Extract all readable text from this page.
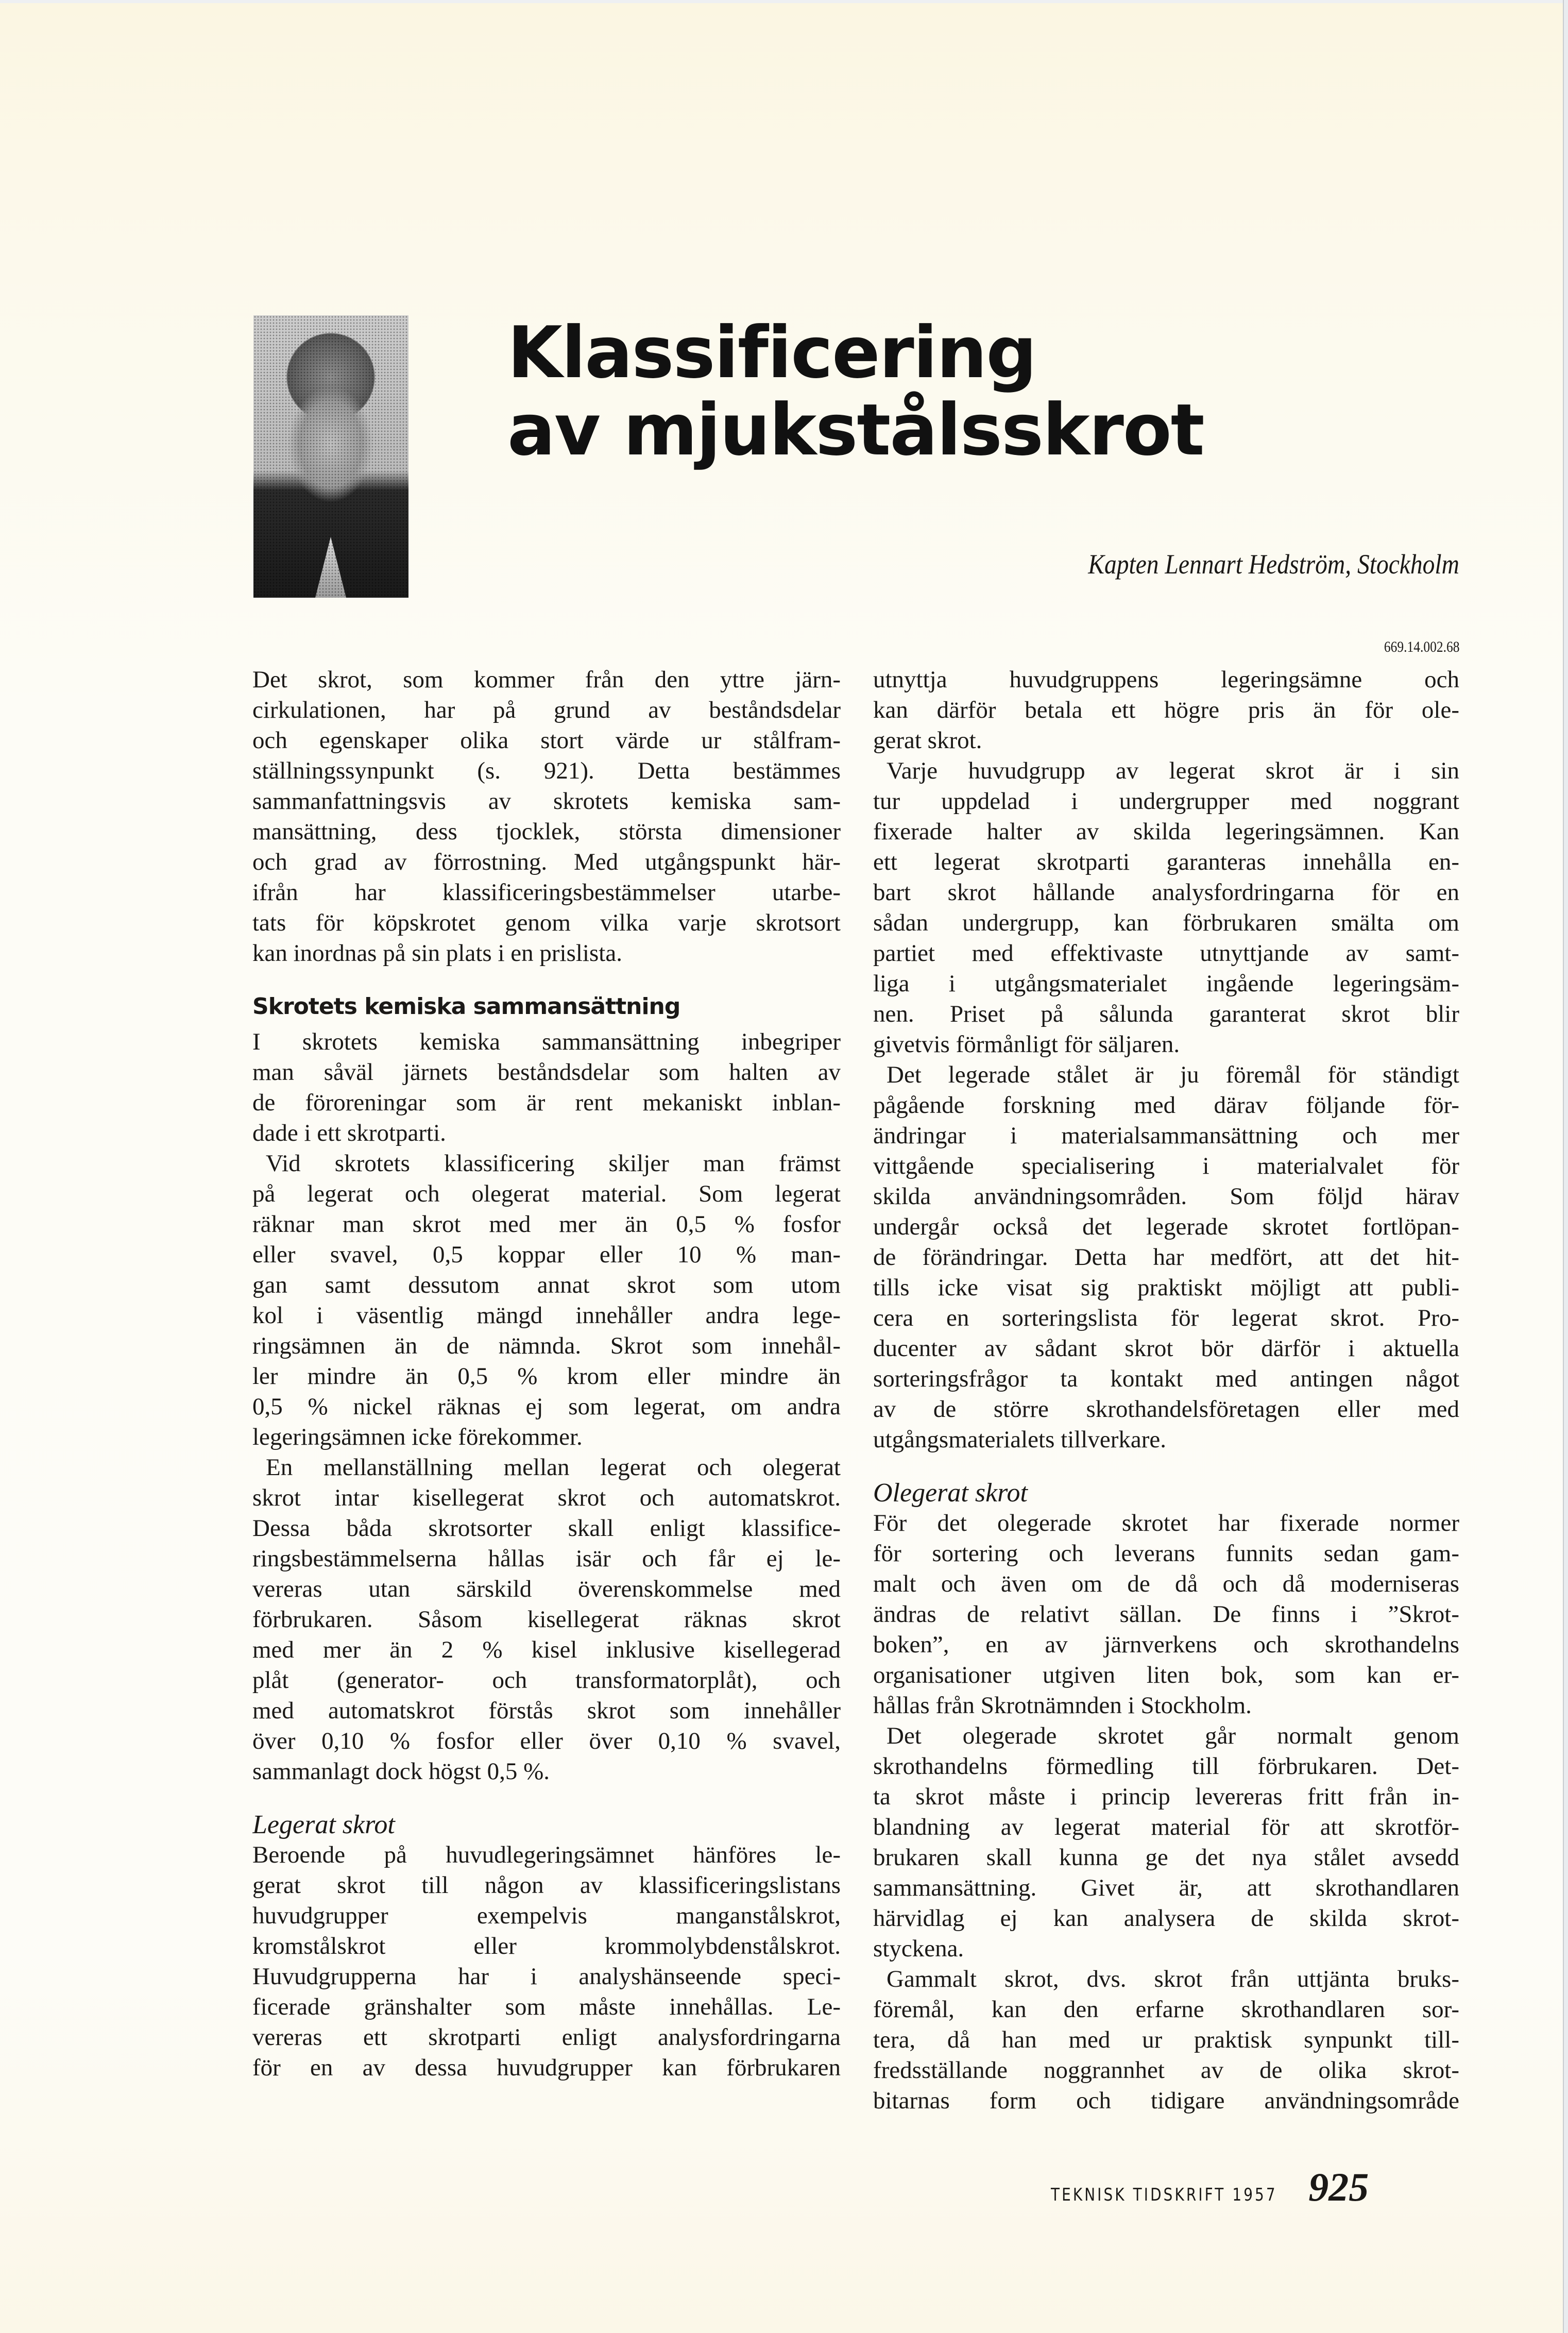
Klassificering
av mjukstålsskrot
Kapten Lennart Hedström, Stockholm
669.14.002.68
Det skrot, som kommer från den yttre järn-
cirkulationen, har på grund av beståndsdelar
och egenskaper olika stort värde ur stålfram-
ställningssynpunkt (s. 921). Detta bestämmes
sammanfattningsvis av skrotets kemiska sam-
mansättning, dess tjocklek, största dimensioner
och grad av förrostning. Med utgångspunkt här-
ifrån har klassificeringsbestämmelser utarbe-
tats för köpskrotet genom vilka varje skrotsort
kan inordnas på sin plats i en prislista.
Skrotets kemiska sammansättning
I skrotets kemiska sammansättning inbegriper
man såväl järnets beståndsdelar som halten av
de föroreningar som är rent mekaniskt inblan-
dade i ett skrotparti.
Vid skrotets klassificering skiljer man främst
på legerat och olegerat material. Som legerat
räknar man skrot med mer än 0,5 % fosfor
eller svavel, 0,5 koppar eller 10 % man-
gan samt dessutom annat skrot som utom
kol i väsentlig mängd innehåller andra lege-
ringsämnen än de nämnda. Skrot som innehål-
ler mindre än 0,5 % krom eller mindre än
0,5 % nickel räknas ej som legerat, om andra
legeringsämnen icke förekommer.
En mellanställning mellan legerat och olegerat
skrot intar kisellegerat skrot och automatskrot.
Dessa båda skrotsorter skall enligt klassifice-
ringsbestämmelserna hållas isär och får ej le-
vereras utan särskild överenskommelse med
förbrukaren. Såsom kisellegerat räknas skrot
med mer än 2 % kisel inklusive kisellegerad
plåt (generator- och transformatorplåt), och
med automatskrot förstås skrot som innehåller
över 0,10 % fosfor eller över 0,10 % svavel,
sammanlagt dock högst 0,5 %.
Legerat skrot
Beroende på huvudlegeringsämnet hänföres le-
gerat skrot till någon av klassificeringslistans
huvudgrupper exempelvis manganstålskrot,
kromstålskrot eller krommolybdenstålskrot.
Huvudgrupperna har i analyshänseende speci-
ficerade gränshalter som måste innehållas. Le-
vereras ett skrotparti enligt analysfordringarna
för en av dessa huvudgrupper kan förbrukaren
utnyttja huvudgruppens legeringsämne och
kan därför betala ett högre pris än för ole-
gerat skrot.
Varje huvudgrupp av legerat skrot är i sin
tur uppdelad i undergrupper med noggrant
fixerade halter av skilda legeringsämnen. Kan
ett legerat skrotparti garanteras innehålla en-
bart skrot hållande analysfordringarna för en
sådan undergrupp, kan förbrukaren smälta om
partiet med effektivaste utnyttjande av samt-
liga i utgångsmaterialet ingående legeringsäm-
nen. Priset på sålunda garanterat skrot blir
givetvis förmånligt för säljaren.
Det legerade stålet är ju föremål för ständigt
pågående forskning med därav följande för-
ändringar i materialsammansättning och mer
vittgående specialisering i materialvalet för
skilda användningsområden. Som följd härav
undergår också det legerade skrotet fortlöpan-
de förändringar. Detta har medfört, att det hit-
tills icke visat sig praktiskt möjligt att publi-
cera en sorteringslista för legerat skrot. Pro-
ducenter av sådant skrot bör därför i aktuella
sorteringsfrågor ta kontakt med antingen något
av de större skrothandelsföretagen eller med
utgångsmaterialets tillverkare.
Olegerat skrot
För det olegerade skrotet har fixerade normer
för sortering och leverans funnits sedan gam-
malt och även om de då och då moderniseras
ändras de relativt sällan. De finns i ”Skrot-
boken”, en av järnverkens och skrothandelns
organisationer utgiven liten bok, som kan er-
hållas från Skrotnämnden i Stockholm.
Det olegerade skrotet går normalt genom
skrothandelns förmedling till förbrukaren. Det-
ta skrot måste i princip levereras fritt från in-
blandning av legerat material för att skrotför-
brukaren skall kunna ge det nya stålet avsedd
sammansättning. Givet är, att skrothandlaren
härvidlag ej kan analysera de skilda skrot-
styckena.
Gammalt skrot, dvs. skrot från uttjänta bruks-
föremål, kan den erfarne skrothandlaren sor-
tera, då han med ur praktisk synpunkt till-
fredsställande noggrannhet av de olika skrot-
bitarnas form och tidigare användningsområde
TEKNISK TIDSKRIFT 1957 925
